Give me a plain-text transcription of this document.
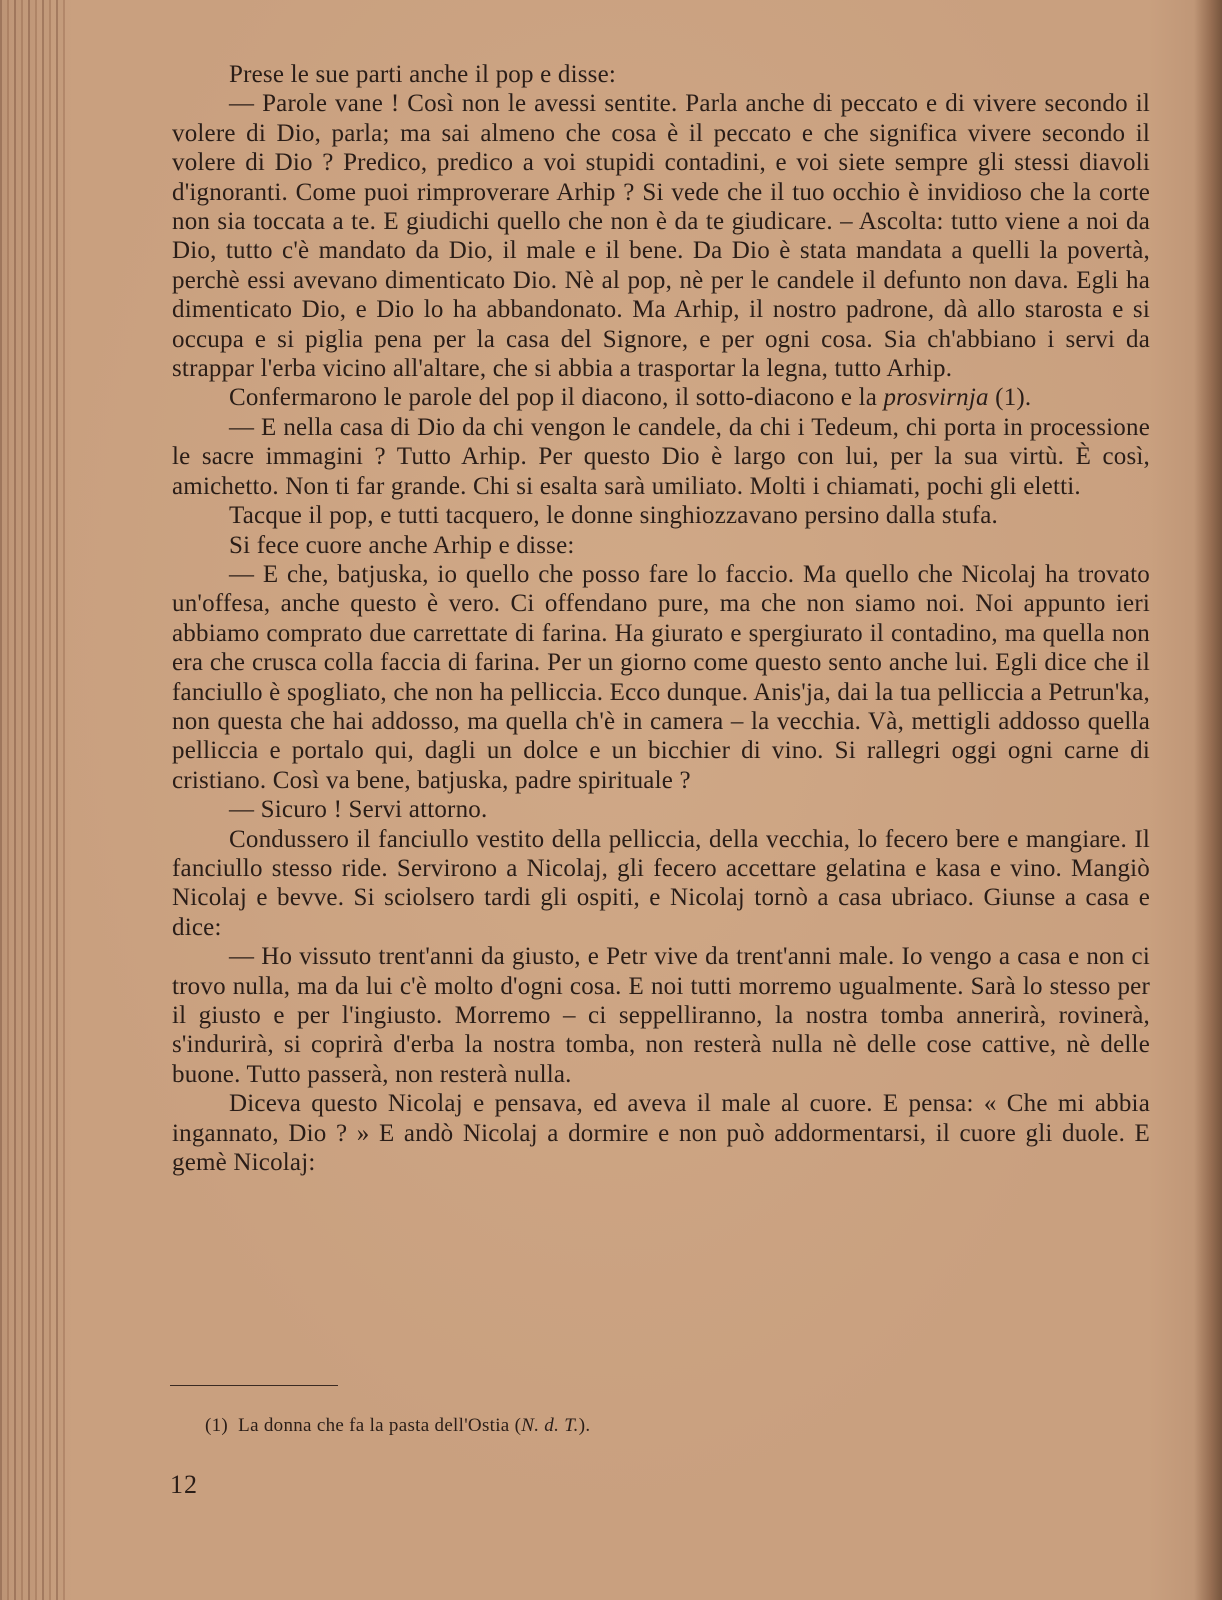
Prese le sue parti anche il pop e disse:

— Parole vane ! Così non le avessi sentite. Parla anche di peccato e di vivere secondo il volere di Dio, parla; ma sai almeno che cosa è il peccato e che significa vivere secondo il volere di Dio ? Predico, predico a voi stupidi contadini, e voi siete sempre gli stessi diavoli d'ignoranti. Come puoi rimproverare Arhip ? Si vede che il tuo occhio è invidioso che la corte non sia toccata a te. E giudichi quello che non è da te giudicare. – Ascolta: tutto viene a noi da Dio, tutto c'è mandato da Dio, il male e il bene. Da Dio è stata mandata a quelli la povertà, perchè essi avevano dimenticato Dio. Nè al pop, nè per le candele il defunto non dava. Egli ha dimenticato Dio, e Dio lo ha abbandonato. Ma Arhip, il nostro padrone, dà allo starosta e si occupa e si piglia pena per la casa del Signore, e per ogni cosa. Sia ch'abbiano i servi da strappar l'erba vicino all'altare, che si abbia a trasportar la legna, tutto Arhip.

Confermarono le parole del pop il diacono, il sotto-diacono e la prosvirnja (1).

— E nella casa di Dio da chi vengon le candele, da chi i Tedeum, chi porta in processione le sacre immagini ? Tutto Arhip. Per questo Dio è largo con lui, per la sua virtù. È così, amichetto. Non ti far grande. Chi si esalta sarà umiliato. Molti i chiamati, pochi gli eletti.

Tacque il pop, e tutti tacquero, le donne singhiozzavano persino dalla stufa.

Si fece cuore anche Arhip e disse:

— E che, batjuska, io quello che posso fare lo faccio. Ma quello che Nicolaj ha trovato un'offesa, anche questo è vero. Ci offendano pure, ma che non siamo noi. Noi appunto ieri abbiamo comprato due carrettate di farina. Ha giurato e spergiurato il contadino, ma quella non era che crusca colla faccia di farina. Per un giorno come questo sento anche lui. Egli dice che il fanciullo è spogliato, che non ha pelliccia. Ecco dunque. Anis'ja, dai la tua pelliccia a Petrun'ka, non questa che hai addosso, ma quella ch'è in camera – la vecchia. Và, mettigli addosso quella pelliccia e portalo qui, dagli un dolce e un bicchier di vino. Si rallegri oggi ogni carne di cristiano. Così va bene, batjuska, padre spirituale ?

— Sicuro ! Servi attorno.

Condussero il fanciullo vestito della pelliccia, della vecchia, lo fecero bere e mangiare. Il fanciullo stesso ride. Servirono a Nicolaj, gli fecero accettare gelatina e kasa e vino. Mangiò Nicolaj e bevve. Si sciolsero tardi gli ospiti, e Nicolaj tornò a casa ubriaco. Giunse a casa e dice:

— Ho vissuto trent'anni da giusto, e Petr vive da trent'anni male. Io vengo a casa e non ci trovo nulla, ma da lui c'è molto d'ogni cosa. E noi tutti morremo ugualmente. Sarà lo stesso per il giusto e per l'ingiusto. Morremo – ci seppelliranno, la nostra tomba annerirà, rovinerà, s'indurirà, si coprirà d'erba la nostra tomba, non resterà nulla nè delle cose cattive, nè delle buone. Tutto passerà, non resterà nulla.

Diceva questo Nicolaj e pensava, ed aveva il male al cuore. E pensa: « Che mi abbia ingannato, Dio ? » E andò Nicolaj a dormire e non può addormentarsi, il cuore gli duole. E gemè Nicolaj:

(1) La donna che fa la pasta dell'Ostia (N. d. T.).
12
